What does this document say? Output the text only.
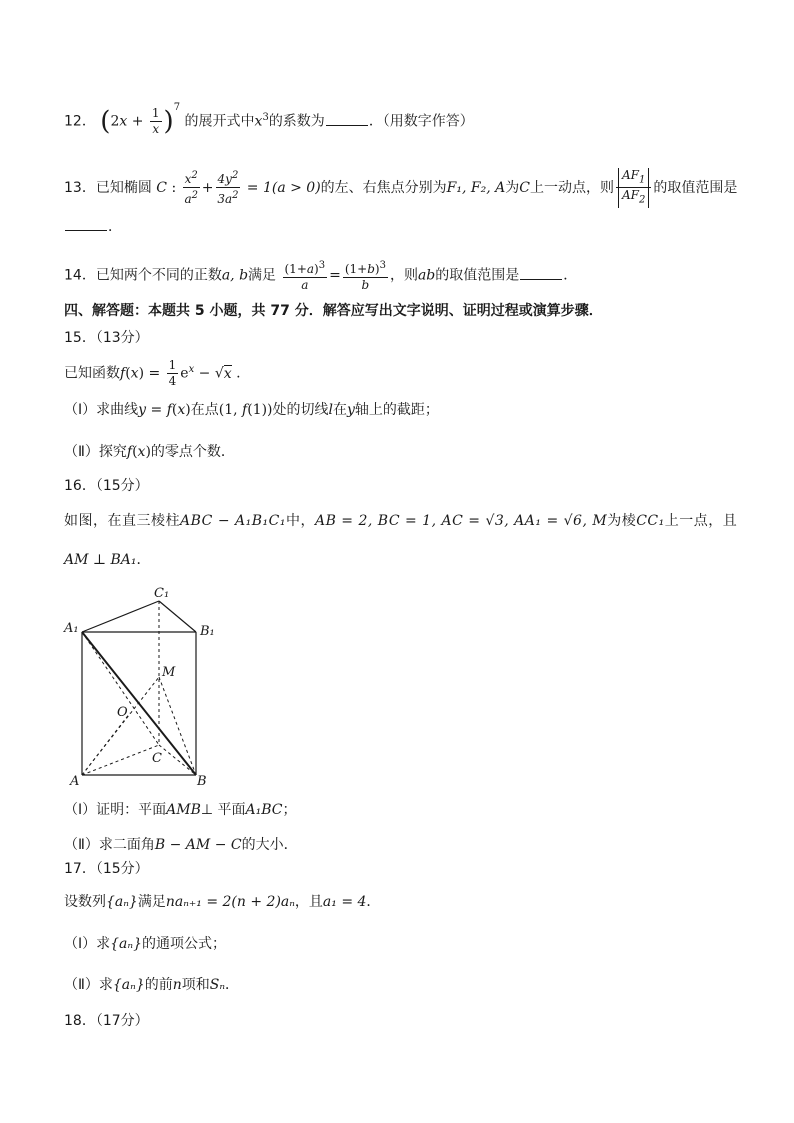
12． $(2x + \frac{1}{x} )^7$ 的展开式中$x^3$的系数为	．（用数字作答）
13．已知椭圆 C : $\frac{x^2}{a^2} + \frac{4y^2}{3a^2} = 1(a > 0)$的左、右焦点分别为F₁, F₂, A为C上一动点，则 $\frac{AF_1}{AF_2}$ 的取值范围是
．
14．已知两个不同的正数a, b满足 $\frac{(1+a)^3}{a} = \frac{(1+b)^3}{b}$ ，则ab的取值范围是	．
四、解答题：本题共 5 小题，共 77 分．解答应写出文字说明、证明过程或演算步骤．
15．（13分）
已知函数$f(x) = \frac{1}{4} e^x - √x$ .
（Ⅰ）求曲线y = f(x)在点(1, f(1))处的切线l在y轴上的截距；
（Ⅱ）探究f(x)的零点个数．
16．（15分）
如图，在直三棱柱ABC − A₁B₁C₁中，AB = 2, BC = 1, AC = √3, AA₁ = √6, M为棱CC₁上一点，且
AM ⊥ BA₁．
C₁
A₁	B₁
M
O
C
A	B
（Ⅰ）证明：平面AMB⊥ 平面A₁BC；
（Ⅱ）求二面角B − AM − C的大小．
17．（15分）
设数列{aₙ}满足naₙ₊₁ = 2(n + 2)aₙ，且a₁ = 4．
（Ⅰ）求{aₙ}的通项公式；
（Ⅱ）求{aₙ}的前n项和Sₙ．
18．（17分）
